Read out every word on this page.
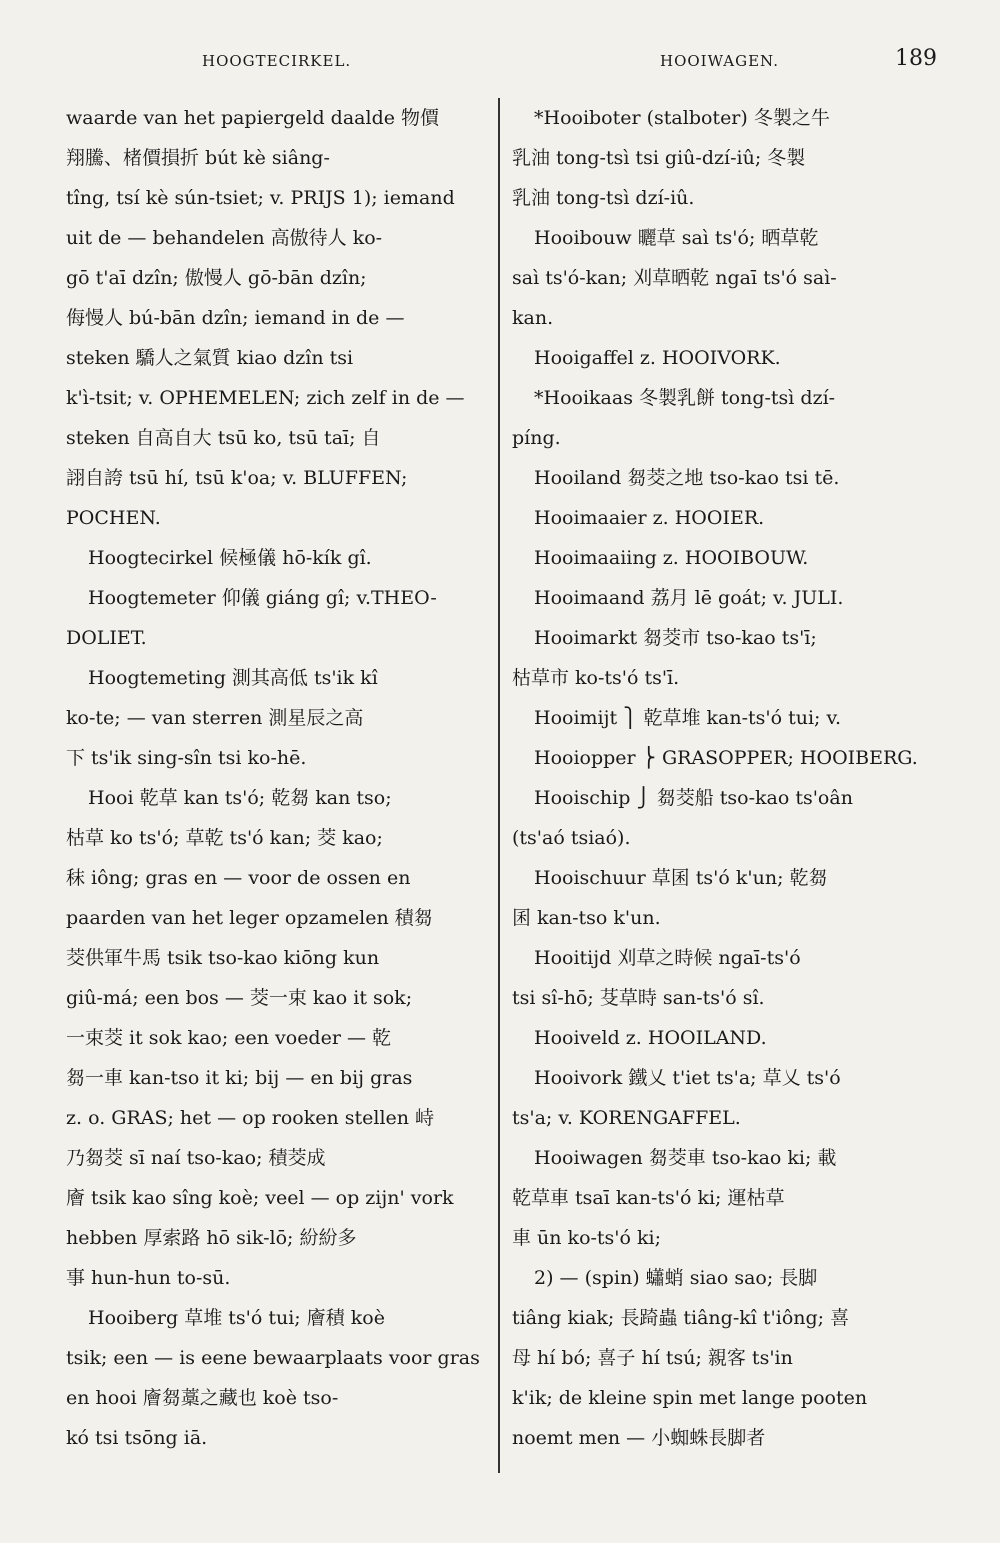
HOOGTECIRKEL.	HOOIWAGEN.	189
waarde van het papiergeld daalde 物價
翔騰、楮價損折 bút kè siâng-
tîng, tsí kè sún-tsiet; v. PRIJS 1); iemand
uit de — behandelen 高傲待人 ko-
gō t'aī dzîn; 傲慢人 gō-bān dzîn;
侮慢人 bú-bān dzîn; iemand in de —
steken 驕人之氣質 kiao dzîn tsi
k'ì-tsit; v. OPHEMELEN; zich zelf in de —
steken 自高自大 tsū ko, tsū taī; 自
詡自誇 tsū hí, tsū k'oa; v. BLUFFEN;
POCHEN.
Hoogtecirkel 候極儀 hō-kík gî.
Hoogtemeter 仰儀 giáng gî; v.THEO-
DOLIET.
Hoogtemeting 測其高低 ts'ik kî
ko-te; — van sterren 測星辰之高
下 ts'ik sing-sîn tsi ko-hē.
Hooi 乾草 kan ts'ó; 乾芻 kan tso;
枯草 ko ts'ó; 草乾 ts'ó kan; 茭 kao;
秣 iông; gras en — voor de ossen en
paarden van het leger opzamelen 積芻
茭供軍牛馬 tsik tso-kao kiōng kun
giû-má; een bos — 茭一束 kao it sok;
一束茭 it sok kao; een voeder — 乾
芻一車 kan-tso it ki; bij — en bij gras
z. o. GRAS; het — op rooken stellen 峙
乃芻茭 sī naí tso-kao; 積茭成
廥 tsik kao sîng koè; veel — op zijn' vork
hebben 厚索路 hō sik-lō; 紛紛多
事 hun-hun to-sū.
Hooiberg 草堆 ts'ó tui; 廥積 koè
tsik; een — is eene bewaarplaats voor gras
en hooi 廥芻藁之藏也 koè tso-
kó tsi tsōng iā.
*Hooiboter (stalboter) 冬製之牛
乳油 tong-tsì tsi giû-dzí-iû; 冬製
乳油 tong-tsì dzí-iû.
Hooibouw 曬草 saì ts'ó; 晒草乾
saì ts'ó-kan; 刈草晒乾 ngaī ts'ó saì-
kan.
Hooigaffel z. HOOIVORK.
*Hooikaas 冬製乳餅 tong-tsì dzí-
píng.
Hooiland 芻茭之地 tso-kao tsi tē.
Hooimaaier z. HOOIER.
Hooimaaiing z. HOOIBOUW.
Hooimaand 荔月 lē goát; v. JULI.
Hooimarkt 芻茭市 tso-kao ts'ī;
枯草市 ko-ts'ó ts'ī.
Hooimijt ⎫ 乾草堆 kan-ts'ó tui; v.
Hooiopper ⎬ GRASOPPER; HOOIBERG.
Hooischip ⎭ 芻茭船 tso-kao ts'oân
(ts'aó tsiaó).
Hooischuur 草囷 ts'ó k'un; 乾芻
囷 kan-tso k'un.
Hooitijd 刈草之時候 ngaī-ts'ó
tsi sî-hō; 芟草時 san-ts'ó sî.
Hooiveld z. HOOILAND.
Hooivork 鐵乂 t'iet ts'a; 草乂 ts'ó
ts'a; v. KORENGAFFEL.
Hooiwagen 芻茭車 tso-kao ki; 載
乾草車 tsaī kan-ts'ó ki; 運枯草
車 ūn ko-ts'ó ki;
2) — (spin) 蠨蛸 siao sao; 長脚
tiâng kiak; 長踦蟲 tiâng-kî t'iông; 喜
母 hí bó; 喜子 hí tsú; 親客 ts'in
k'ik; de kleine spin met lange pooten
noemt men — 小蜘蛛長脚者
